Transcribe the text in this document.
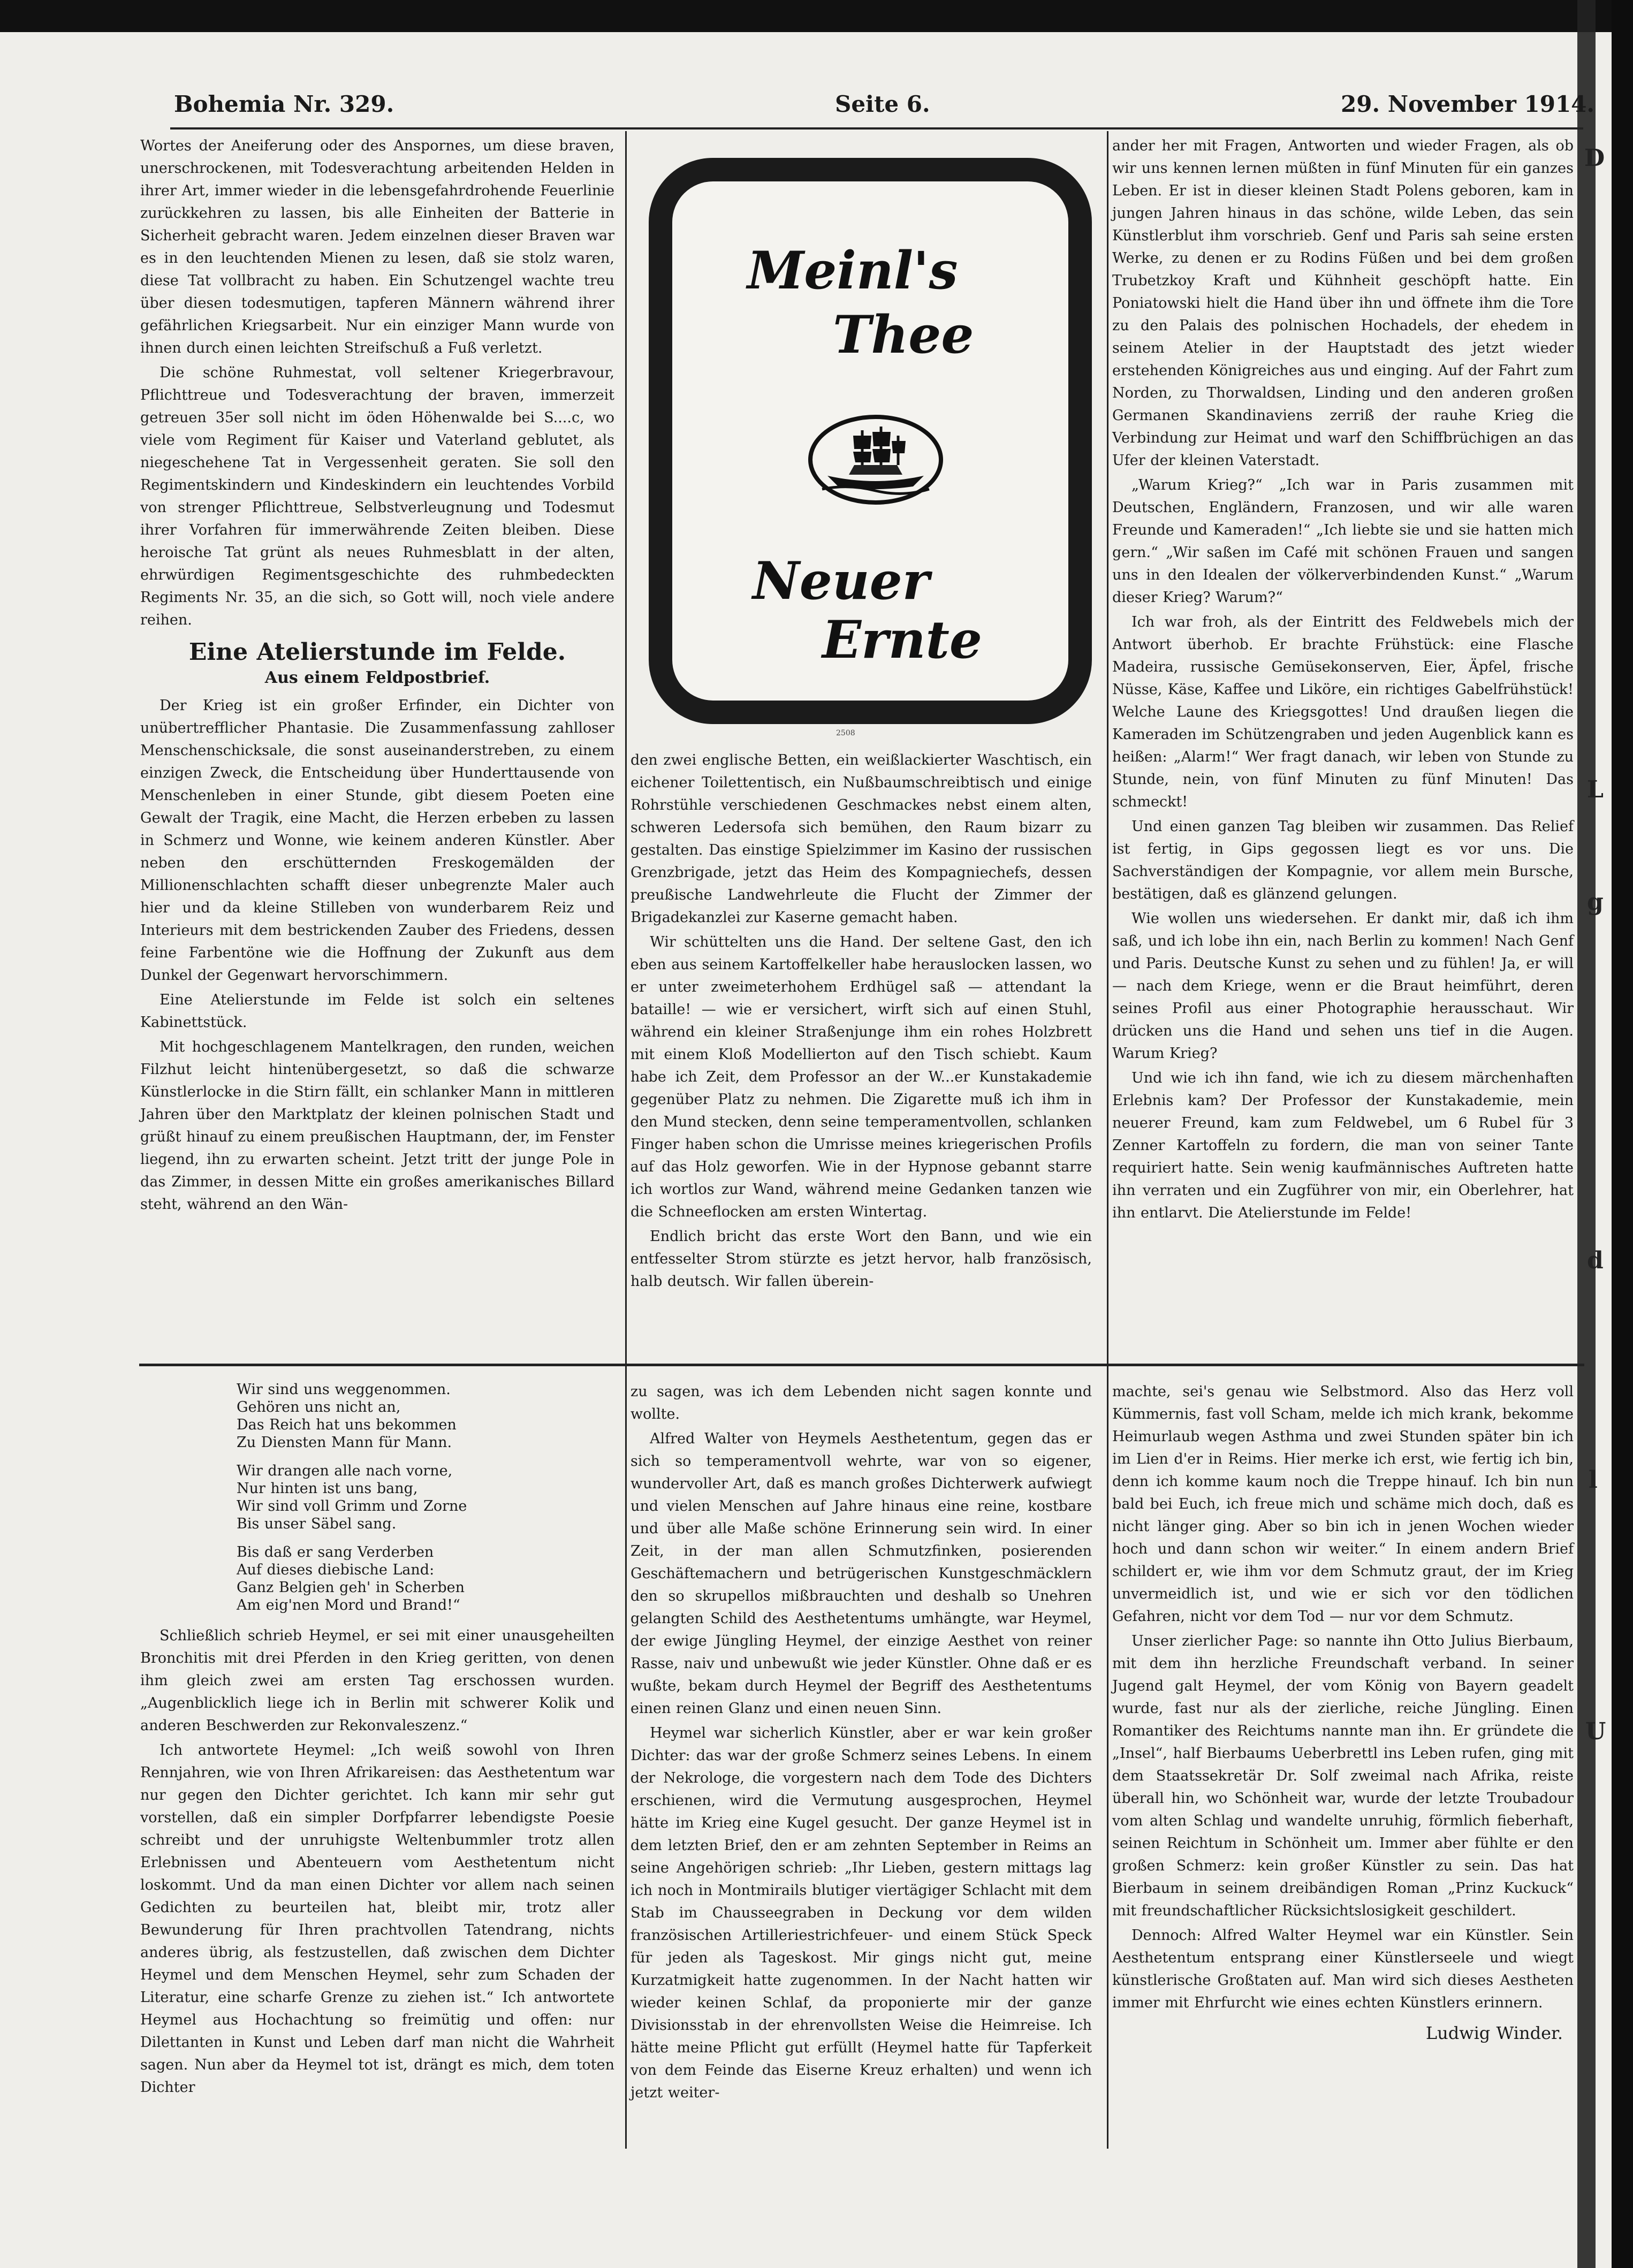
Bohemia Nr. 329.	Seite 6.	29. November 1914.

Wortes der Aneiferung oder des Anspornes, um diese braven, unerschrockenen, mit Todesverachtung arbeitenden Helden in ihrer Art, immer wieder in die lebensgefahrdrohende Feuerlinie zurückkehren zu lassen, bis alle Einheiten der Batterie in Sicherheit gebracht waren. Jedem einzelnen dieser Braven war es in den leuchtenden Mienen zu lesen, daß sie stolz waren, diese Tat vollbracht zu haben. Ein Schutzengel wachte treu über diesen todesmutigen, tapferen Männern während ihrer gefährlichen Kriegsarbeit. Nur ein einziger Mann wurde von ihnen durch einen leichten Streifschuß a Fuß verletzt.

Die schöne Ruhmestat, voll seltener Kriegerbravour, Pflichttreue und Todesverachtung der braven, immerzeit getreuen 35er soll nicht im öden Höhenwalde bei S....c, wo viele vom Regiment für Kaiser und Vaterland geblutet, als niegeschehene Tat in Vergessenheit geraten. Sie soll den Regimentskindern und Kindeskindern ein leuchtendes Vorbild von strenger Pflichttreue, Selbstverleugnung und Todesmut ihrer Vorfahren für immerwährende Zeiten bleiben. Diese heroische Tat grünt als neues Ruhmesblatt in der alten, ehrwürdigen Regimentsgeschichte des ruhmbedeckten Regiments Nr. 35, an die sich, so Gott will, noch viele andere reihen.

Eine Atelierstunde im Felde.
Aus einem Feldpostbrief.

Der Krieg ist ein großer Erfinder, ein Dichter von unübertrefflicher Phantasie. Die Zusammenfassung zahlloser Menschenschicksale, die sonst auseinanderstreben, zu einem einzigen Zweck, die Entscheidung über Hunderttausende von Menschenleben in einer Stunde, gibt diesem Poeten eine Gewalt der Tragik, eine Macht, die Herzen erbeben zu lassen in Schmerz und Wonne, wie keinem anderen Künstler. Aber neben den erschütternden Freskogemälden der Millionenschlachten schafft dieser unbegrenzte Maler auch hier und da kleine Stilleben von wunderbarem Reiz und Interieurs mit dem bestrickenden Zauber des Friedens, dessen feine Farbentöne wie die Hoffnung der Zukunft aus dem Dunkel der Gegenwart hervorschimmern.

Eine Atelierstunde im Felde ist solch ein seltenes Kabinettstück.

Mit hochgeschlagenem Mantelkragen, den runden, weichen Filzhut leicht hintenübergesetzt, so daß die schwarze Künstlerlocke in die Stirn fällt, ein schlanker Mann in mittleren Jahren über den Marktplatz der kleinen polnischen Stadt und grüßt hinauf zu einem preußischen Hauptmann, der, im Fenster liegend, ihn zu erwarten scheint. Jetzt tritt der junge Pole in das Zimmer, in dessen Mitte ein großes amerikanisches Billard steht, während an den Wän-

Meinl's
Thee
Neuer
Ernte
2508

den zwei englische Betten, ein weißlackierter Waschtisch, ein eichener Toilettentisch, ein Nußbaumschreibtisch und einige Rohrstühle verschiedenen Geschmackes nebst einem alten, schweren Ledersofa sich bemühen, den Raum bizarr zu gestalten. Das einstige Spielzimmer im Kasino der russischen Grenzbrigade, jetzt das Heim des Kompagniechefs, dessen preußische Landwehrleute die Flucht der Zimmer der Brigadekanzlei zur Kaserne gemacht haben.

Wir schüttelten uns die Hand. Der seltene Gast, den ich eben aus seinem Kartoffelkeller habe herauslocken lassen, wo er unter zweimeterhohem Erdhügel saß — attendant la bataille! — wie er versichert, wirft sich auf einen Stuhl, während ein kleiner Straßenjunge ihm ein rohes Holzbrett mit einem Kloß Modellierton auf den Tisch schiebt. Kaum habe ich Zeit, dem Professor an der W...er Kunstakademie gegenüber Platz zu nehmen. Die Zigarette muß ich ihm in den Mund stecken, denn seine temperamentvollen, schlanken Finger haben schon die Umrisse meines kriegerischen Profils auf das Holz geworfen. Wie in der Hypnose gebannt starre ich wortlos zur Wand, während meine Gedanken tanzen wie die Schneeflocken am ersten Wintertag.

Endlich bricht das erste Wort den Bann, und wie ein entfesselter Strom stürzte es jetzt hervor, halb französisch, halb deutsch. Wir fallen überein-

ander her mit Fragen, Antworten und wieder Fragen, als ob wir uns kennen lernen müßten in fünf Minuten für ein ganzes Leben. Er ist in dieser kleinen Stadt Polens geboren, kam in jungen Jahren hinaus in das schöne, wilde Leben, das sein Künstlerblut ihm vorschrieb. Genf und Paris sah seine ersten Werke, zu denen er zu Rodins Füßen und bei dem großen Trubetzkoy Kraft und Kühnheit geschöpft hatte. Ein Poniatowski hielt die Hand über ihn und öffnete ihm die Tore zu den Palais des polnischen Hochadels, der ehedem in seinem Atelier in der Hauptstadt des jetzt wieder erstehenden Königreiches aus und einging. Auf der Fahrt zum Norden, zu Thorwaldsen, Linding und den anderen großen Germanen Skandinaviens zerriß der rauhe Krieg die Verbindung zur Heimat und warf den Schiffbrüchigen an das Ufer der kleinen Vaterstadt.

„Warum Krieg?“ „Ich war in Paris zusammen mit Deutschen, Engländern, Franzosen, und wir alle waren Freunde und Kameraden!“ „Ich liebte sie und sie hatten mich gern.“ „Wir saßen im Café mit schönen Frauen und sangen uns in den Idealen der völkerverbindenden Kunst.“ „Warum dieser Krieg? Warum?“

Ich war froh, als der Eintritt des Feldwebels mich der Antwort überhob. Er brachte Frühstück: eine Flasche Madeira, russische Gemüsekonserven, Eier, Äpfel, frische Nüsse, Käse, Kaffee und Liköre, ein richtiges Gabelfrühstück! Welche Laune des Kriegsgottes! Und draußen liegen die Kameraden im Schützengraben und jeden Augenblick kann es heißen: „Alarm!“ Wer fragt danach, wir leben von Stunde zu Stunde, nein, von fünf Minuten zu fünf Minuten! Das schmeckt!

Und einen ganzen Tag bleiben wir zusammen. Das Relief ist fertig, in Gips gegossen liegt es vor uns. Die Sachverständigen der Kompagnie, vor allem mein Bursche, bestätigen, daß es glänzend gelungen.

Wie wollen uns wiedersehen. Er dankt mir, daß ich ihm saß, und ich lobe ihn ein, nach Berlin zu kommen! Nach Genf und Paris. Deutsche Kunst zu sehen und zu fühlen! Ja, er will — nach dem Kriege, wenn er die Braut heimführt, deren seines Profil aus einer Photographie herausschaut. Wir drücken uns die Hand und sehen uns tief in die Augen. Warum Krieg?

Und wie ich ihn fand, wie ich zu diesem märchenhaften Erlebnis kam? Der Professor der Kunstakademie, mein neuerer Freund, kam zum Feldwebel, um 6 Rubel für 3 Zenner Kartoffeln zu fordern, die man von seiner Tante requiriert hatte. Sein wenig kaufmännisches Auftreten hatte ihn verraten und ein Zugführer von mir, ein Oberlehrer, hat ihn entlarvt. Die Atelierstunde im Felde!

Wir sind uns weggenommen.
Gehören uns nicht an,
Das Reich hat uns bekommen
Zu Diensten Mann für Mann.
Wir drangen alle nach vorne,
Nur hinten ist uns bang,
Wir sind voll Grimm und Zorne
Bis unser Säbel sang.
Bis daß er sang Verderben
Auf dieses diebische Land:
Ganz Belgien geh' in Scherben
Am eig'nen Mord und Brand!“

Schließlich schrieb Heymel, er sei mit einer unausgeheilten Bronchitis mit drei Pferden in den Krieg geritten, von denen ihm gleich zwei am ersten Tag erschossen wurden. „Augenblicklich liege ich in Berlin mit schwerer Kolik und anderen Beschwerden zur Rekonvaleszenz.“

Ich antwortete Heymel: „Ich weiß sowohl von Ihren Rennjahren, wie von Ihren Afrikareisen: das Aesthetentum war nur gegen den Dichter gerichtet. Ich kann mir sehr gut vorstellen, daß ein simpler Dorfpfarrer lebendigste Poesie schreibt und der unruhigste Weltenbummler trotz allen Erlebnissen und Abenteuern vom Aesthetentum nicht loskommt. Und da man einen Dichter vor allem nach seinen Gedichten zu beurteilen hat, bleibt mir, trotz aller Bewunderung für Ihren prachtvollen Tatendrang, nichts anderes übrig, als festzustellen, daß zwischen dem Dichter Heymel und dem Menschen Heymel, sehr zum Schaden der Literatur, eine scharfe Grenze zu ziehen ist.“ Ich antwortete Heymel aus Hochachtung so freimütig und offen: nur Dilettanten in Kunst und Leben darf man nicht die Wahrheit sagen. Nun aber da Heymel tot ist, drängt es mich, dem toten Dichter

zu sagen, was ich dem Lebenden nicht sagen konnte und wollte.

Alfred Walter von Heymels Aesthetentum, gegen das er sich so temperamentvoll wehrte, war von so eigener, wundervoller Art, daß es manch großes Dichterwerk aufwiegt und vielen Menschen auf Jahre hinaus eine reine, kostbare und über alle Maße schöne Erinnerung sein wird. In einer Zeit, in der man allen Schmutzfinken, posierenden Geschäftemachern und betrügerischen Kunstgeschmäcklern den so skrupellos mißbrauchten und deshalb so Unehren gelangten Schild des Aesthetentums umhängte, war Heymel, der ewige Jüngling Heymel, der einzige Aesthet von reiner Rasse, naiv und unbewußt wie jeder Künstler. Ohne daß er es wußte, bekam durch Heymel der Begriff des Aesthetentums einen reinen Glanz und einen neuen Sinn.

Heymel war sicherlich Künstler, aber er war kein großer Dichter: das war der große Schmerz seines Lebens. In einem der Nekrologe, die vorgestern nach dem Tode des Dichters erschienen, wird die Vermutung ausgesprochen, Heymel hätte im Krieg eine Kugel gesucht. Der ganze Heymel ist in dem letzten Brief, den er am zehnten September in Reims an seine Angehörigen schrieb: „Ihr Lieben, gestern mittags lag ich noch in Montmirails blutiger viertägiger Schlacht mit dem Stab im Chausseegraben in Deckung vor dem wilden französischen Artilleriestrichfeuer- und einem Stück Speck für jeden als Tageskost. Mir gings nicht gut, meine Kurzatmigkeit hatte zugenommen. In der Nacht hatten wir wieder keinen Schlaf, da proponierte mir der ganze Divisionsstab in der ehrenvollsten Weise die Heimreise. Ich hätte meine Pflicht gut erfüllt (Heymel hatte für Tapferkeit von dem Feinde das Eiserne Kreuz erhalten) und wenn ich jetzt weiter-

machte, sei's genau wie Selbstmord. Also das Herz voll Kümmernis, fast voll Scham, melde ich mich krank, bekomme Heimurlaub wegen Asthma und zwei Stunden später bin ich im Lien d'er in Reims. Hier merke ich erst, wie fertig ich bin, denn ich komme kaum noch die Treppe hinauf. Ich bin nun bald bei Euch, ich freue mich und schäme mich doch, daß es nicht länger ging. Aber so bin ich in jenen Wochen wieder hoch und dann schon wir weiter.“ In einem andern Brief schildert er, wie ihm vor dem Schmutz graut, der im Krieg unvermeidlich ist, und wie er sich vor den tödlichen Gefahren, nicht vor dem Tod — nur vor dem Schmutz.

Unser zierlicher Page: so nannte ihn Otto Julius Bierbaum, mit dem ihn herzliche Freundschaft verband. In seiner Jugend galt Heymel, der vom König von Bayern geadelt wurde, fast nur als der zierliche, reiche Jüngling. Einen Romantiker des Reichtums nannte man ihn. Er gründete die „Insel“, half Bierbaums Ueberbrettl ins Leben rufen, ging mit dem Staatssekretär Dr. Solf zweimal nach Afrika, reiste überall hin, wo Schönheit war, wurde der letzte Troubadour vom alten Schlag und wandelte unruhig, förmlich fieberhaft, seinen Reichtum in Schönheit um. Immer aber fühlte er den großen Schmerz: kein großer Künstler zu sein. Das hat Bierbaum in seinem dreibändigen Roman „Prinz Kuckuck“ mit freundschaftlicher Rücksichtslosigkeit geschildert.

Dennoch: Alfred Walter Heymel war ein Künstler. Sein Aesthetentum entsprang einer Künstlerseele und wiegt künstlerische Großtaten auf. Man wird sich dieses Aestheten immer mit Ehrfurcht wie eines echten Künstlers erinnern.

Ludwig Winder.
D
L
g
d
l
U
